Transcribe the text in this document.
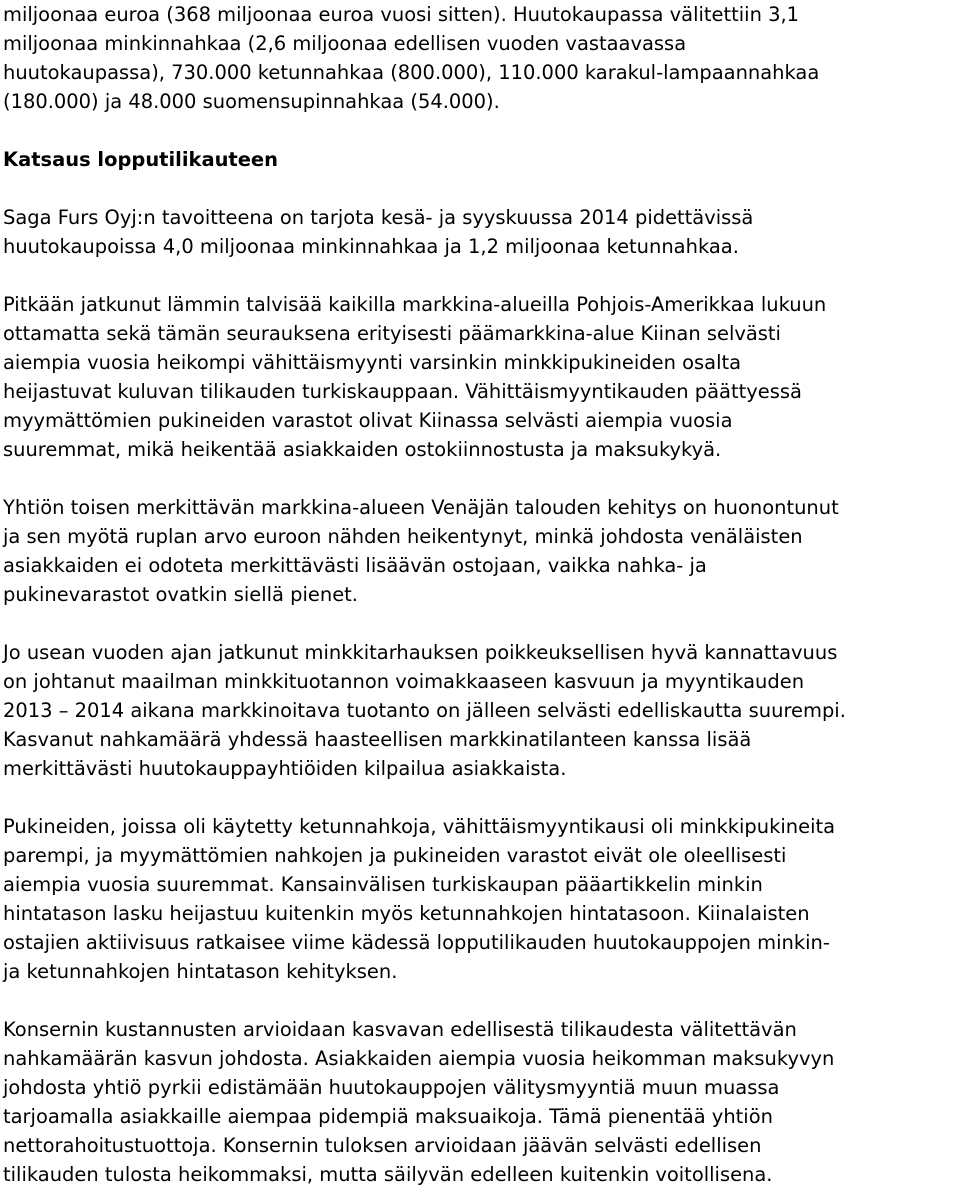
miljoonaa euroa (368 miljoonaa euroa vuosi sitten). Huutokaupassa välitettiin 3,1
miljoonaa minkinnahkaa (2,6 miljoonaa edellisen vuoden vastaavassa
huutokaupassa), 730.000 ketunnahkaa (800.000), 110.000 karakul-lampaannahkaa
(180.000) ja 48.000 suomensupinnahkaa (54.000).
Katsaus lopputilikauteen
Saga Furs Oyj:n tavoitteena on tarjota kesä- ja syyskuussa 2014 pidettävissä
huutokaupoissa 4,0 miljoonaa minkinnahkaa ja 1,2 miljoonaa ketunnahkaa.
Pitkään jatkunut lämmin talvisää kaikilla markkina-alueilla Pohjois-Amerikkaa lukuun
ottamatta sekä tämän seurauksena erityisesti päämarkkina-alue Kiinan selvästi
aiempia vuosia heikompi vähittäismyynti varsinkin minkkipukineiden osalta
heijastuvat kuluvan tilikauden turkiskauppaan. Vähittäismyyntikauden päättyessä
myymättömien pukineiden varastot olivat Kiinassa selvästi aiempia vuosia
suuremmat, mikä heikentää asiakkaiden ostokiinnostusta ja maksukykyä.
Yhtiön toisen merkittävän markkina-alueen Venäjän talouden kehitys on huonontunut
ja sen myötä ruplan arvo euroon nähden heikentynyt, minkä johdosta venäläisten
asiakkaiden ei odoteta merkittävästi lisäävän ostojaan, vaikka nahka- ja
pukinevarastot ovatkin siellä pienet.
Jo usean vuoden ajan jatkunut minkkitarhauksen poikkeuksellisen hyvä kannattavuus
on johtanut maailman minkkituotannon voimakkaaseen kasvuun ja myyntikauden
2013 – 2014 aikana markkinoitava tuotanto on jälleen selvästi edelliskautta suurempi.
Kasvanut nahkamäärä yhdessä haasteellisen markkinatilanteen kanssa lisää
merkittävästi huutokauppayhtiöiden kilpailua asiakkaista.
Pukineiden, joissa oli käytetty ketunnahkoja, vähittäismyyntikausi oli minkkipukineita
parempi, ja myymättömien nahkojen ja pukineiden varastot eivät ole oleellisesti
aiempia vuosia suuremmat. Kansainvälisen turkiskaupan pääartikkelin minkin
hintatason lasku heijastuu kuitenkin myös ketunnahkojen hintatasoon. Kiinalaisten
ostajien aktiivisuus ratkaisee viime kädessä lopputilikauden huutokauppojen minkin-
ja ketunnahkojen hintatason kehityksen.
Konsernin kustannusten arvioidaan kasvavan edellisestä tilikaudesta välitettävän
nahkamäärän kasvun johdosta. Asiakkaiden aiempia vuosia heikomman maksukyvyn
johdosta yhtiö pyrkii edistämään huutokauppojen välitysmyyntiä muun muassa
tarjoamalla asiakkaille aiempaa pidempiä maksuaikoja. Tämä pienentää yhtiön
nettorahoitustuottoja. Konsernin tuloksen arvioidaan jäävän selvästi edellisen
tilikauden tulosta heikommaksi, mutta säilyvän edelleen kuitenkin voitollisena.
